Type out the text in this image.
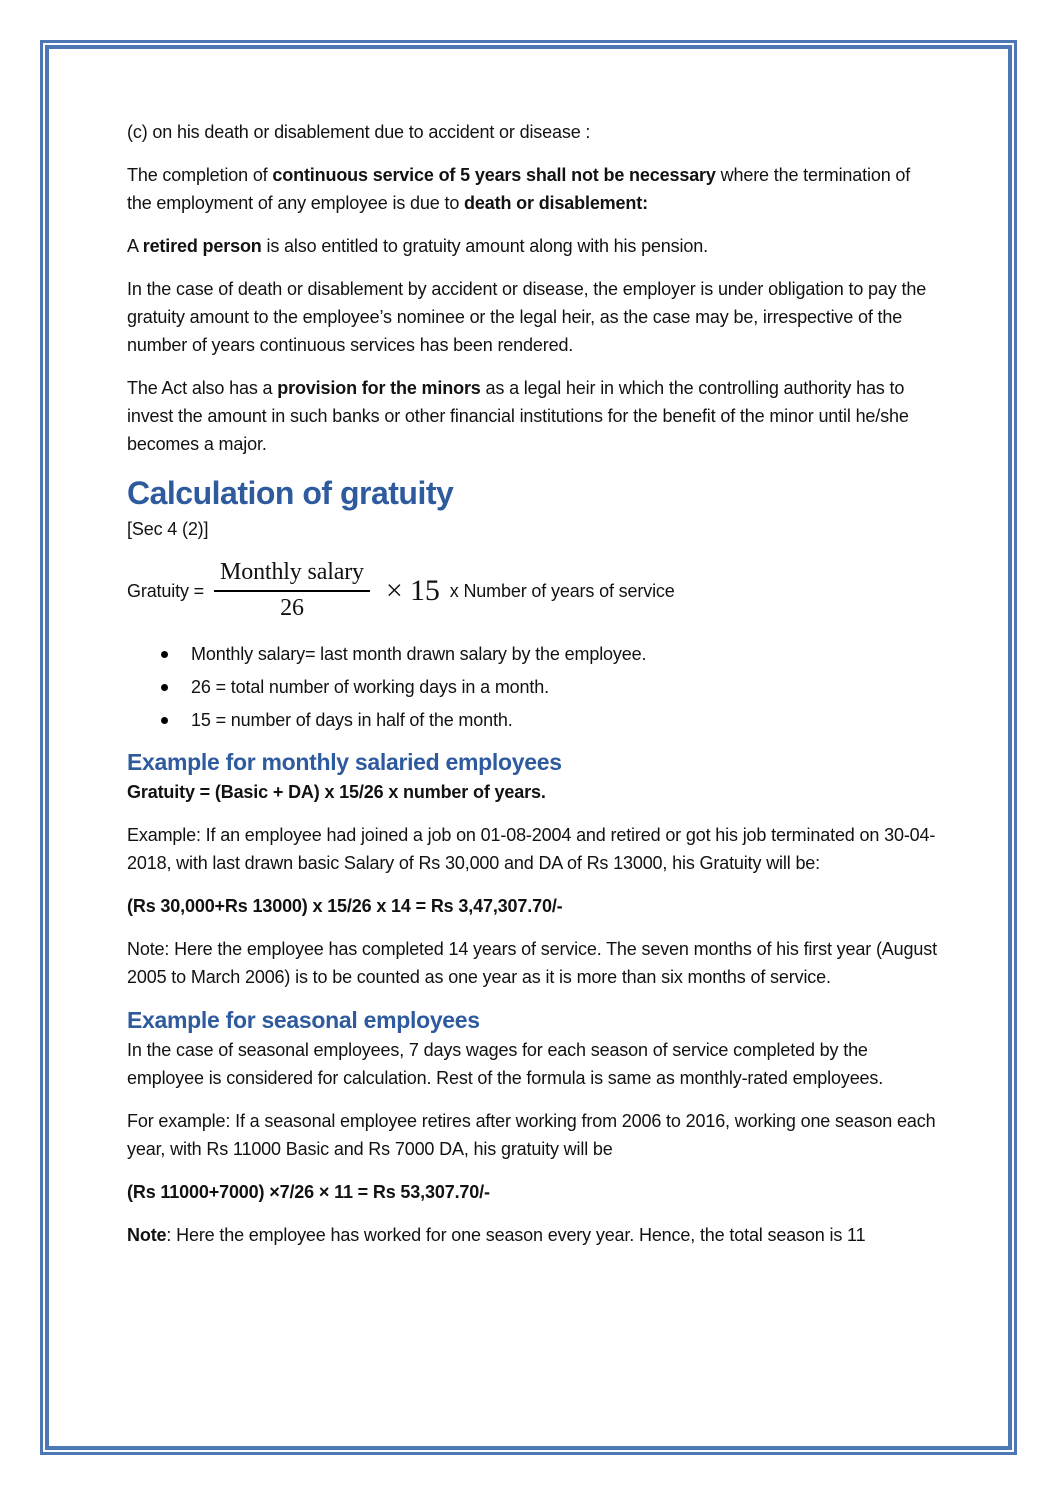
(c) on his death or disablement due to accident or disease :

The completion of continuous service of 5 years shall not be necessary where the termination of the employment of any employee is due to death or disablement:

A retired person is also entitled to gratuity amount along with his pension.

In the case of death or disablement by accident or disease, the employer is under obligation to pay the gratuity amount to the employee’s nominee or the legal heir, as the case may be, irrespective of the number of years continuous services has been rendered.

The Act also has a provision for the minors as a legal heir in which the controlling authority has to invest the amount in such banks or other financial institutions for the benefit of the minor until he/she becomes a major.

Calculation of gratuity

[Sec 4 (2)]

Gratuity = $\frac{\text{Monthly salary}}{26} \times 15$ x Number of years of service
Monthly salary= last month drawn salary by the employee.
26 = total number of working days in a month.
15 = number of days in half of the month.
Example for monthly salaried employees

Gratuity = (Basic + DA) x 15/26 x number of years.

Example: If an employee had joined a job on 01-08-2004 and retired or got his job terminated on 30-04-2018, with last drawn basic Salary of Rs 30,000 and DA of Rs 13000, his Gratuity will be:

(Rs 30,000+Rs 13000) x 15/26 x 14 = Rs 3,47,307.70/-

Note: Here the employee has completed 14 years of service. The seven months of his first year (August 2005 to March 2006) is to be counted as one year as it is more than six months of service.

Example for seasonal employees

In the case of seasonal employees, 7 days wages for each season of service completed by the employee is considered for calculation. Rest of the formula is same as monthly-rated employees.

For example: If a seasonal employee retires after working from 2006 to 2016, working one season each year, with Rs 11000 Basic and Rs 7000 DA, his gratuity will be

(Rs 11000+7000) ×7/26 × 11 = Rs 53,307.70/-

Note: Here the employee has worked for one season every year. Hence, the total season is 11
